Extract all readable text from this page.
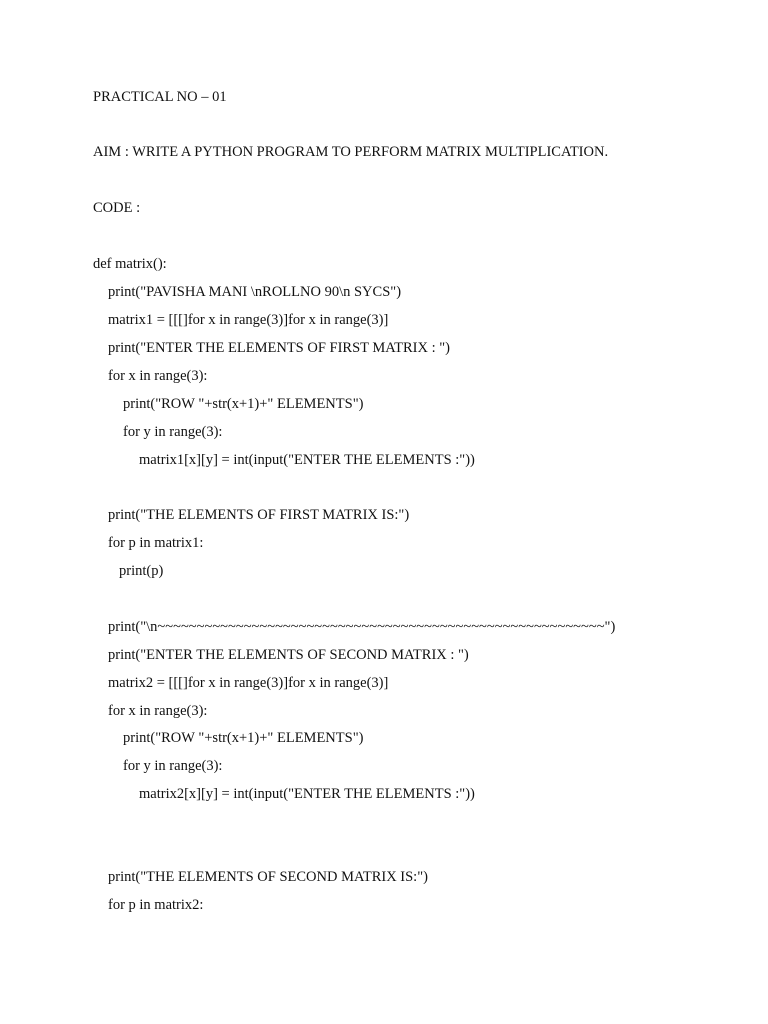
PRACTICAL NO – 01

AIM : WRITE A PYTHON PROGRAM TO PERFORM MATRIX MULTIPLICATION.

CODE :

def matrix():

print("PAVISHA MANI \nROLLNO 90\n SYCS")

matrix1 = [[[]for x in range(3)]for x in range(3)]

print("ENTER THE ELEMENTS OF FIRST MATRIX : ")

for x in range(3):

print("ROW "+str(x+1)+" ELEMENTS")

for y in range(3):

matrix1[x][y] = int(input("ENTER THE ELEMENTS :"))

print("THE ELEMENTS OF FIRST MATRIX IS:")

for p in matrix1:

print(p)

print("\n~~~~~~~~~~~~~~~~~~~~~~~~~~~~~~~~~~~~~~~~~~~~~~~~~~~~~~~~~")

print("ENTER THE ELEMENTS OF SECOND MATRIX : ")

matrix2 = [[[]for x in range(3)]for x in range(3)]

for x in range(3):

print("ROW "+str(x+1)+" ELEMENTS")

for y in range(3):

matrix2[x][y] = int(input("ENTER THE ELEMENTS :"))

print("THE ELEMENTS OF SECOND MATRIX IS:")

for p in matrix2:
